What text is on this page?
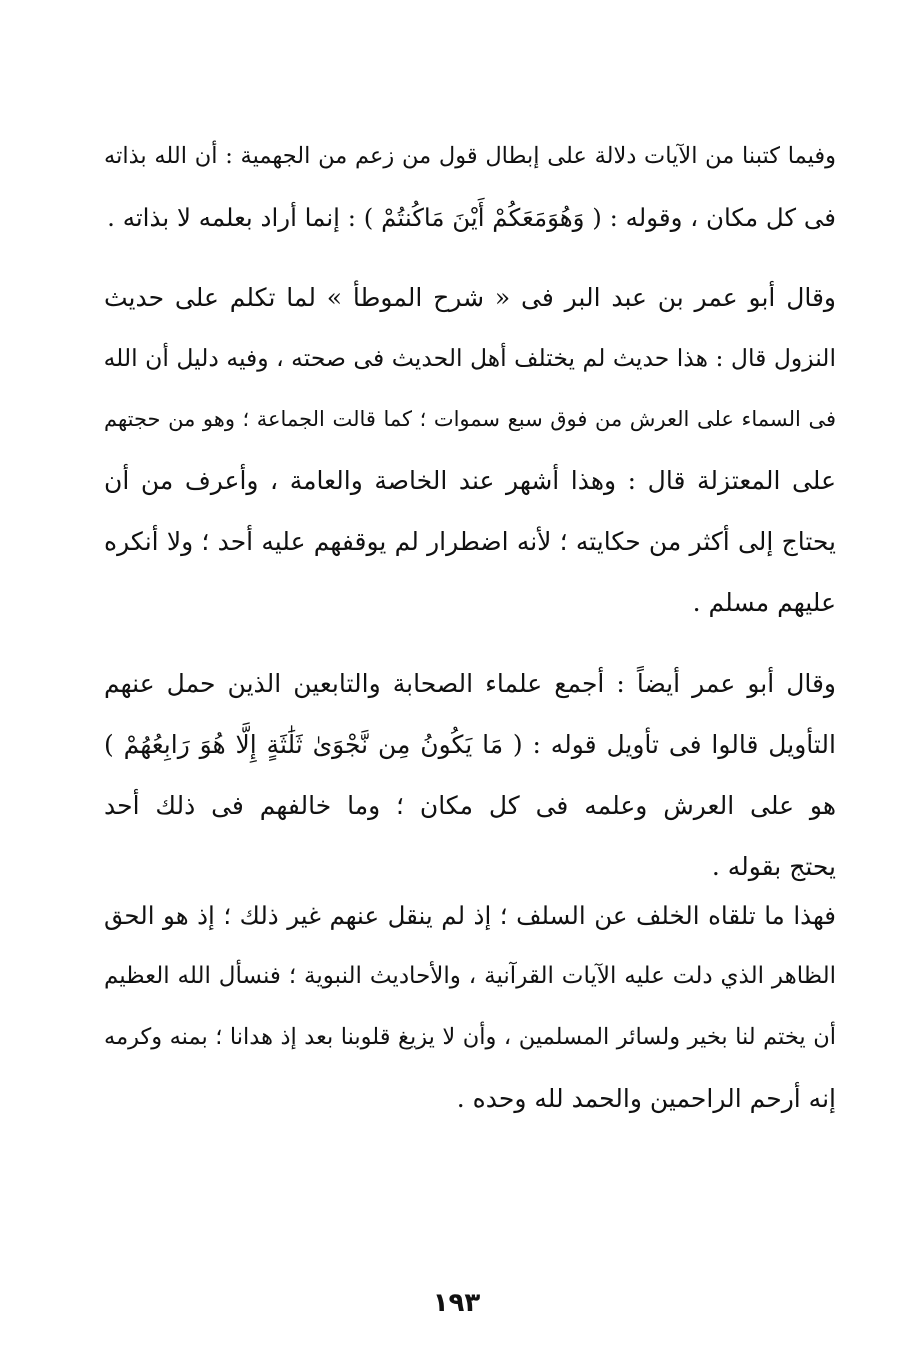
وفيما كتبنا من الآيات دلالة على إبطال قول من زعم من الجهمية : أن الله بذاته
فى كل مكان ، وقوله : ( وَهُوَمَعَكُمْ أَيْنَ مَاكُنتُمْ ) : إنما أراد بعلمه لا بذاته .
وقال أبو عمر بن عبد البر فى « شرح الموطأ » لما تكلم على حديث
النزول قال : هذا حديث لم يختلف أهل الحديث فى صحته ، وفيه دليل أن الله
فى السماء على العرش من فوق سبع سموات ؛ كما قالت الجماعة ؛ وهو من حجتهم
على المعتزلة قال : وهذا أشهر عند الخاصة والعامة ، وأعرف من أن
يحتاج إلى أكثر من حكايته ؛ لأنه اضطرار لم يوقفهم عليه أحد ؛ ولا أنكره
عليهم مسلم .
وقال أبو عمر أيضاً : أجمع علماء الصحابة والتابعين الذين حمل عنهم
التأويل قالوا فى تأويل قوله : ( مَا يَكُونُ مِن نَّجْوَىٰ ثَلَٰثَةٍ إِلَّا هُوَ رَابِعُهُمْ )
هو على العرش وعلمه فى كل مكان ؛ وما خالفهم فى ذلك أحد
يحتج بقوله .
فهذا ما تلقاه الخلف عن السلف ؛ إذ لم ينقل عنهم غير ذلك ؛ إذ هو الحق
الظاهر الذي دلت عليه الآيات القرآنية ، والأحاديث النبوية ؛ فنسأل الله العظيم
أن يختم لنا بخير ولسائر المسلمين ، وأن لا يزيغ قلوبنا بعد إذ هدانا ؛ بمنه وكرمه
إنه أرحم الراحمين والحمد لله وحده .
١٩٣
